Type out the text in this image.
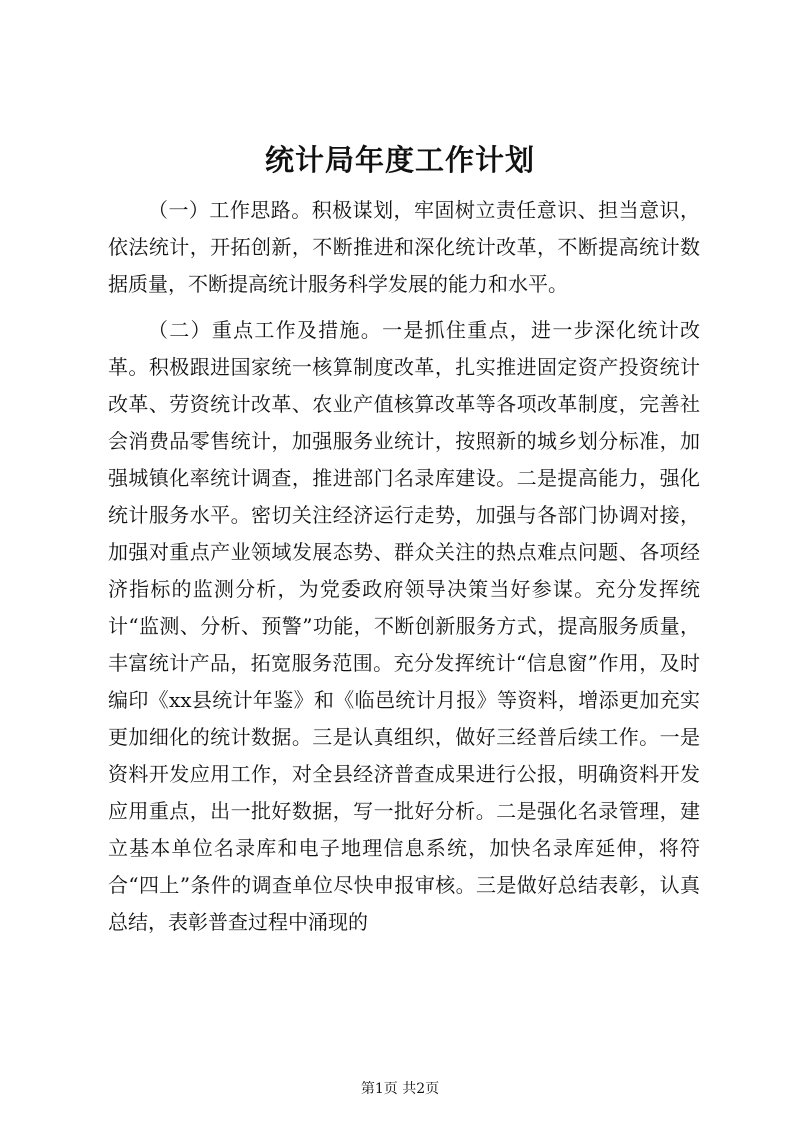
统计局年度工作计划

（一）工作思路。积极谋划，牢固树立责任意识、担当意识，依法统计，开拓创新，不断推进和深化统计改革，不断提高统计数据质量，不断提高统计服务科学发展的能力和水平。

（二）重点工作及措施。一是抓住重点，进一步深化统计改革。积极跟进国家统一核算制度改革，扎实推进固定资产投资统计改革、劳资统计改革、农业产值核算改革等各项改革制度，完善社会消费品零售统计，加强服务业统计，按照新的城乡划分标准，加强城镇化率统计调查，推进部门名录库建设。二是提高能力，强化统计服务水平。密切关注经济运行走势，加强与各部门协调对接，加强对重点产业领域发展态势、群众关注的热点难点问题、各项经济指标的监测分析，为党委政府领导决策当好参谋。充分发挥统计“监测、分析、预警”功能，不断创新服务方式，提高服务质量，丰富统计产品，拓宽服务范围。充分发挥统计“信息窗”作用，及时编印《xx县统计年鉴》和《临邑统计月报》等资料，增添更加充实更加细化的统计数据。三是认真组织，做好三经普后续工作。一是资料开发应用工作，对全县经济普查成果进行公报，明确资料开发应用重点，出一批好数据，写一批好分析。二是强化名录管理，建立基本单位名录库和电子地理信息系统，加快名录库延伸，将符合“四上”条件的调查单位尽快申报审核。三是做好总结表彰，认真总结，表彰普查过程中涌现的

第1页 共2页
